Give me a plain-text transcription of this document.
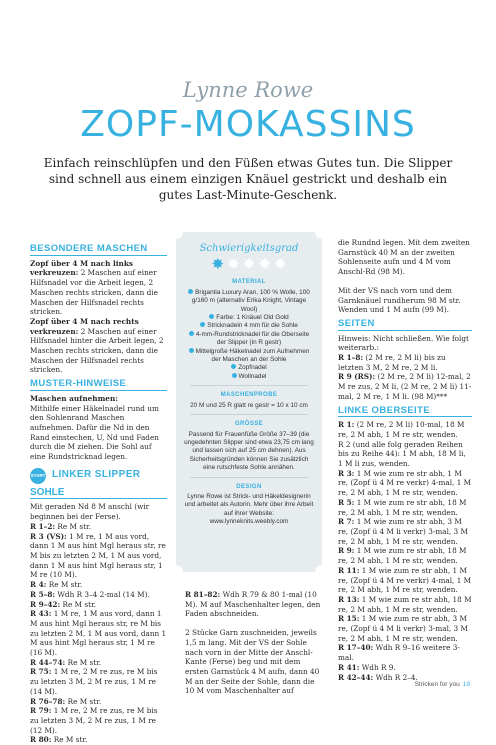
Lynne Rowe
ZOPF-MOKASSINS

Einfach reinschlüpfen und den Füßen etwas Gutes tun. Die Slipper sind schnell aus einem einzigen Knäuel gestrickt und deshalb ein gutes Last-Minute-Geschenk.

BESONDERE MASCHEN

Zopf über 4 M nach links verkreuzen: 2 Maschen auf einer Hilfsnadel vor die Arbeit legen, 2 Maschen rechts stricken, dann die Maschen der Hilfsnadel rechts stricken.

Zopf über 4 M nach rechts verkreuzen: 2 Maschen auf einer Hilfsnadel hinter die Arbeit legen, 2 Maschen rechts stricken, dann die Maschen der Hilfsnadel rechts stricken.

MUSTER-HINWEISE

Maschen aufnehmen:
Mithilfe einer Häkelnadel rund um den Sohlenrand Maschen aufnehmen. Dafür die Nd in den Rand einstechen, U, Nd und Faden durch die M ziehen. Die Sohl auf eine Rundstricknad legen.

START LINKER SLIPPER
SOHLE

Mit geraden Nd 8 M anschl (wir beginnen bei der Ferse).

R 1–2: Re M str.

R 3 (VS): 1 M re, 1 M aus vord, dann 1 M aus hint Mgl heraus str, re M bis zu letzten 2 M, 1 M aus vord, dann 1 M aus hint Mgl heraus str, 1 M re (10 M).

R 4: Re M str.

R 5–8: Wdh R 3–4 2-mal (14 M).

R 9–42: Re M str.

R 43: 1 M re, 1 M aus vord, dann 1 M aus hint Mgl heraus str, re M bis zu letzten 2 M, 1 M aus vord, dann 1 M aus hint Mgl heraus str, 1 M re (16 M).

R 44–74: Re M str.

R 75: 1 M re, 2 M re zus, re M bis zu letzten 3 M, 2 M re zus, 1 M re (14 M).

R 76–78: Re M str.

R 79: 1 M re, 2 M re zus, re M bis zu letzten 3 M, 2 M re zus, 1 M re (12 M).

R 80: Re M str.

Schwierigkeitsgrad
✸ ✸ ✸ ✸ ✸
MATERIAL
Brigantia Luxury Aran, 100 % Wolle, 100 g/160 m (alternativ Erika Knight, Vintage Wool)
Farbe: 1 Knäuel Old Gold
Stricknadeln 4 mm für die Sohle
4-mm-Rundstricknadel für die Oberseite der Slipper (in R gestr)
Mittelgroße Häkelnadel zum Aufnehmen der Maschen an der Sohle
Zopfnadel
Wollnadel
MASCHENPROBE
20 M und 25 R glatt re gestr = 10 x 10 cm
GRÖSSE
Passend für Frauenfüße Größe 37–39 (die ungedehnten Slipper sind etwa 23,75 cm lang und lassen sich auf 25 cm dehnen). Aus Sicherheitsgründen können Sie zusätzlich eine rutschfeste Sohle annähen.
DESIGN
Lynne Rowe ist Strick- und Häkeldesignerin und arbeitet als Autorin. Mehr über ihre Arbeit auf ihrer Website: www.lynneknits.weebly.com

R 81–82: Wdh R 79 & 80 1-mal (10 M). M auf Maschenhalter legen, den Faden abschneiden.

2 Stücke Garn zuschneiden, jeweils 1,5 m lang. Mit der VS der Sohle nach vorn in der Mitte der Anschl-Kante (Ferse) beg und mit dem ersten Garnstück 4 M aufn, dann 40 M an der Seite der Sohle, dann die 10 M vom Maschenhalter auf

die Rundnd legen. Mit dem zweiten Garnstück 40 M an der zweiten Sohlenseite aufn und 4 M vom Anschl-Rd (98 M).

Mit der VS nach vorn und dem Garnknäuel rundherum 98 M str. Wenden und 1 M aufn (99 M).

SEITEN

Hinweis: Nicht schließen. Wie folgt weiterarb.:

R 1–8: (2 M re, 2 M li) bis zu letzten 3 M, 2 M re, 2 M li.

R 9 (RS): (2 M re, 2 M li) 12-mal, 2 M re zus, 2 M li, (2 M re, 2 M li) 11-mal, 2 M re, 1 M li. (98 M)***

LINKE OBERSEITE

R 1: (2 M re, 2 M li) 10-mal, 18 M re, 2 M abh, 1 M re str, wenden.

R 2 (und alle folg geraden Reihen bis zu Reihe 44): 1 M abh, 18 M li, 1 M li zus, wenden.

R 3: 1 M wie zum re str abh, 1 M re, (Zopf ü 4 M re verkr) 4-mal, 1 M re, 2 M abh, 1 M re str, wenden.

R 5: 1 M wie zum re str abh, 18 M re, 2 M abh, 1 M re str, wenden.

R 7: 1 M wie zum re str abh, 3 M re, (Zopf ü 4 M li verkr) 3-mal, 3 M re, 2 M abh, 1 M re str, wenden.

R 9: 1 M wie zum re str abh, 18 M re, 2 M abh, 1 M re str, wenden.

R 11: 1 M wie zum re str abh, 1 M re, (Zopf ü 4 M re verkr) 4-mal, 1 M re, 2 M abh, 1 M re str, wenden.

R 13: 1 M wie zum re str abh, 18 M re, 2 M abh, 1 M re str, wenden.

R 15: 1 M wie zum re str abh, 3 M re, (Zopf ü 4 M li verkr) 3-mal, 3 M re, 2 M abh, 1 M re str, wenden.

R 17–40: Wdh R 9–16 weitere 3-mal.

R 41: Wdh R 9.

R 42–44: Wdh R 2–4.

Stricken for you 19
